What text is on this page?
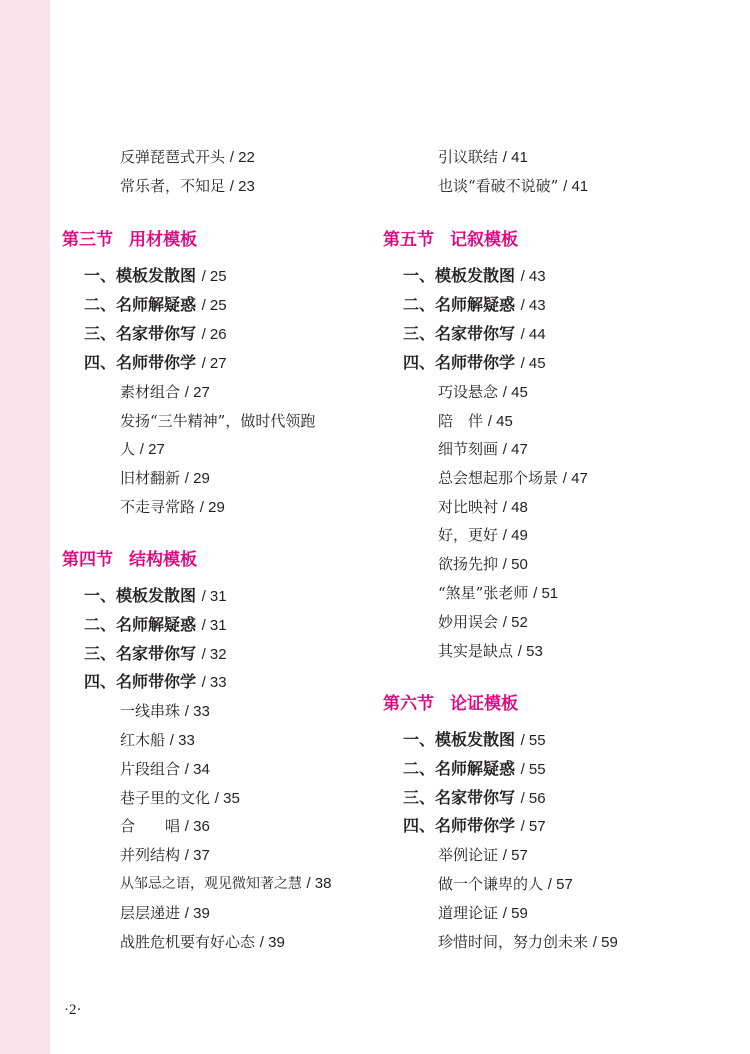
反弹琵琶式开头 / 22
常乐者，不知足 / 23
第三节 用材模板
一、模板发散图 / 25
二、名师解疑惑 / 25
三、名家带你写 / 26
四、名师带你学 / 27
素材组合 / 27
发扬“三牛精神”，做时代领跑
人 / 27
旧材翻新 / 29
不走寻常路 / 29
第四节 结构模板
一、模板发散图 / 31
二、名师解疑惑 / 31
三、名家带你写 / 32
四、名师带你学 / 33
一线串珠 / 33
红木船 / 33
片段组合 / 34
巷子里的文化 / 35
合　　唱 / 36
并列结构 / 37
从邹忌之语，观见微知著之慧 / 38
层层递进 / 39
战胜危机要有好心态 / 39
引议联结 / 41
也谈“看破不说破” / 41
第五节 记叙模板
一、模板发散图 / 43
二、名师解疑惑 / 43
三、名家带你写 / 44
四、名师带你学 / 45
巧设悬念 / 45
陪　伴 / 45
细节刻画 / 47
总会想起那个场景 / 47
对比映衬 / 48
好，更好 / 49
欲扬先抑 / 50
“煞星”张老师 / 51
妙用误会 / 52
其实是缺点 / 53
第六节 论证模板
一、模板发散图 / 55
二、名师解疑惑 / 55
三、名家带你写 / 56
四、名师带你学 / 57
举例论证 / 57
做一个谦卑的人 / 57
道理论证 / 59
珍惜时间，努力创未来 / 59
·2·
